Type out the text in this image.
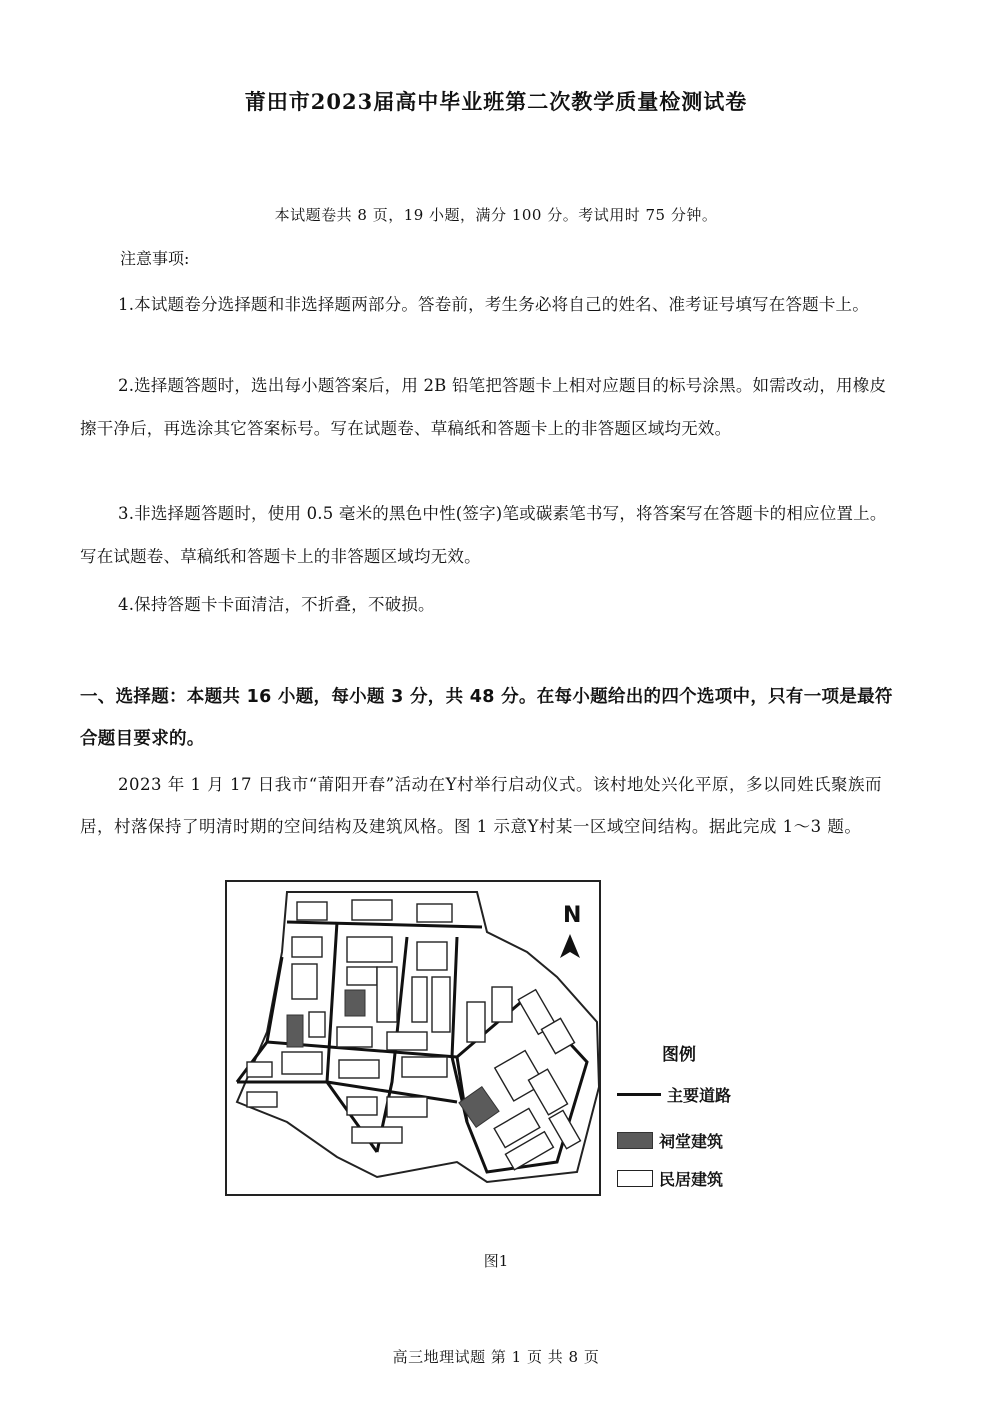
莆田市2023届高中毕业班第二次教学质量检测试卷
本试题卷共 8 页，19 小题，满分 100 分。考试用时 75 分钟。
注意事项:
1.本试题卷分选择题和非选择题两部分。答卷前，考生务必将自己的姓名、准考证号填写在答题卡上。
2.选择题答题时，选出每小题答案后，用 2B 铅笔把答题卡上相对应题目的标号涂黑。如需改动，用橡皮擦干净后，再选涂其它答案标号。写在试题卷、草稿纸和答题卡上的非答题区域均无效。
3.非选择题答题时，使用 0.5 毫米的黑色中性(签字)笔或碳素笔书写，将答案写在答题卡的相应位置上。写在试题卷、草稿纸和答题卡上的非答题区域均无效。
4.保持答题卡卡面清洁，不折叠，不破损。
一、选择题：本题共 16 小题，每小题 3 分，共 48 分。在每小题给出的四个选项中，只有一项是最符合题目要求的。
2023 年 1 月 17 日我市“莆阳开春”活动在Y村举行启动仪式。该村地处兴化平原，多以同姓氏聚族而居，村落保持了明清时期的空间结构及建筑风格。图 1 示意Y村某一区域空间结构。据此完成 1～3 题。
N
图例
主要道路
祠堂建筑
民居建筑
图1
高三地理试题 第 1 页 共 8 页
